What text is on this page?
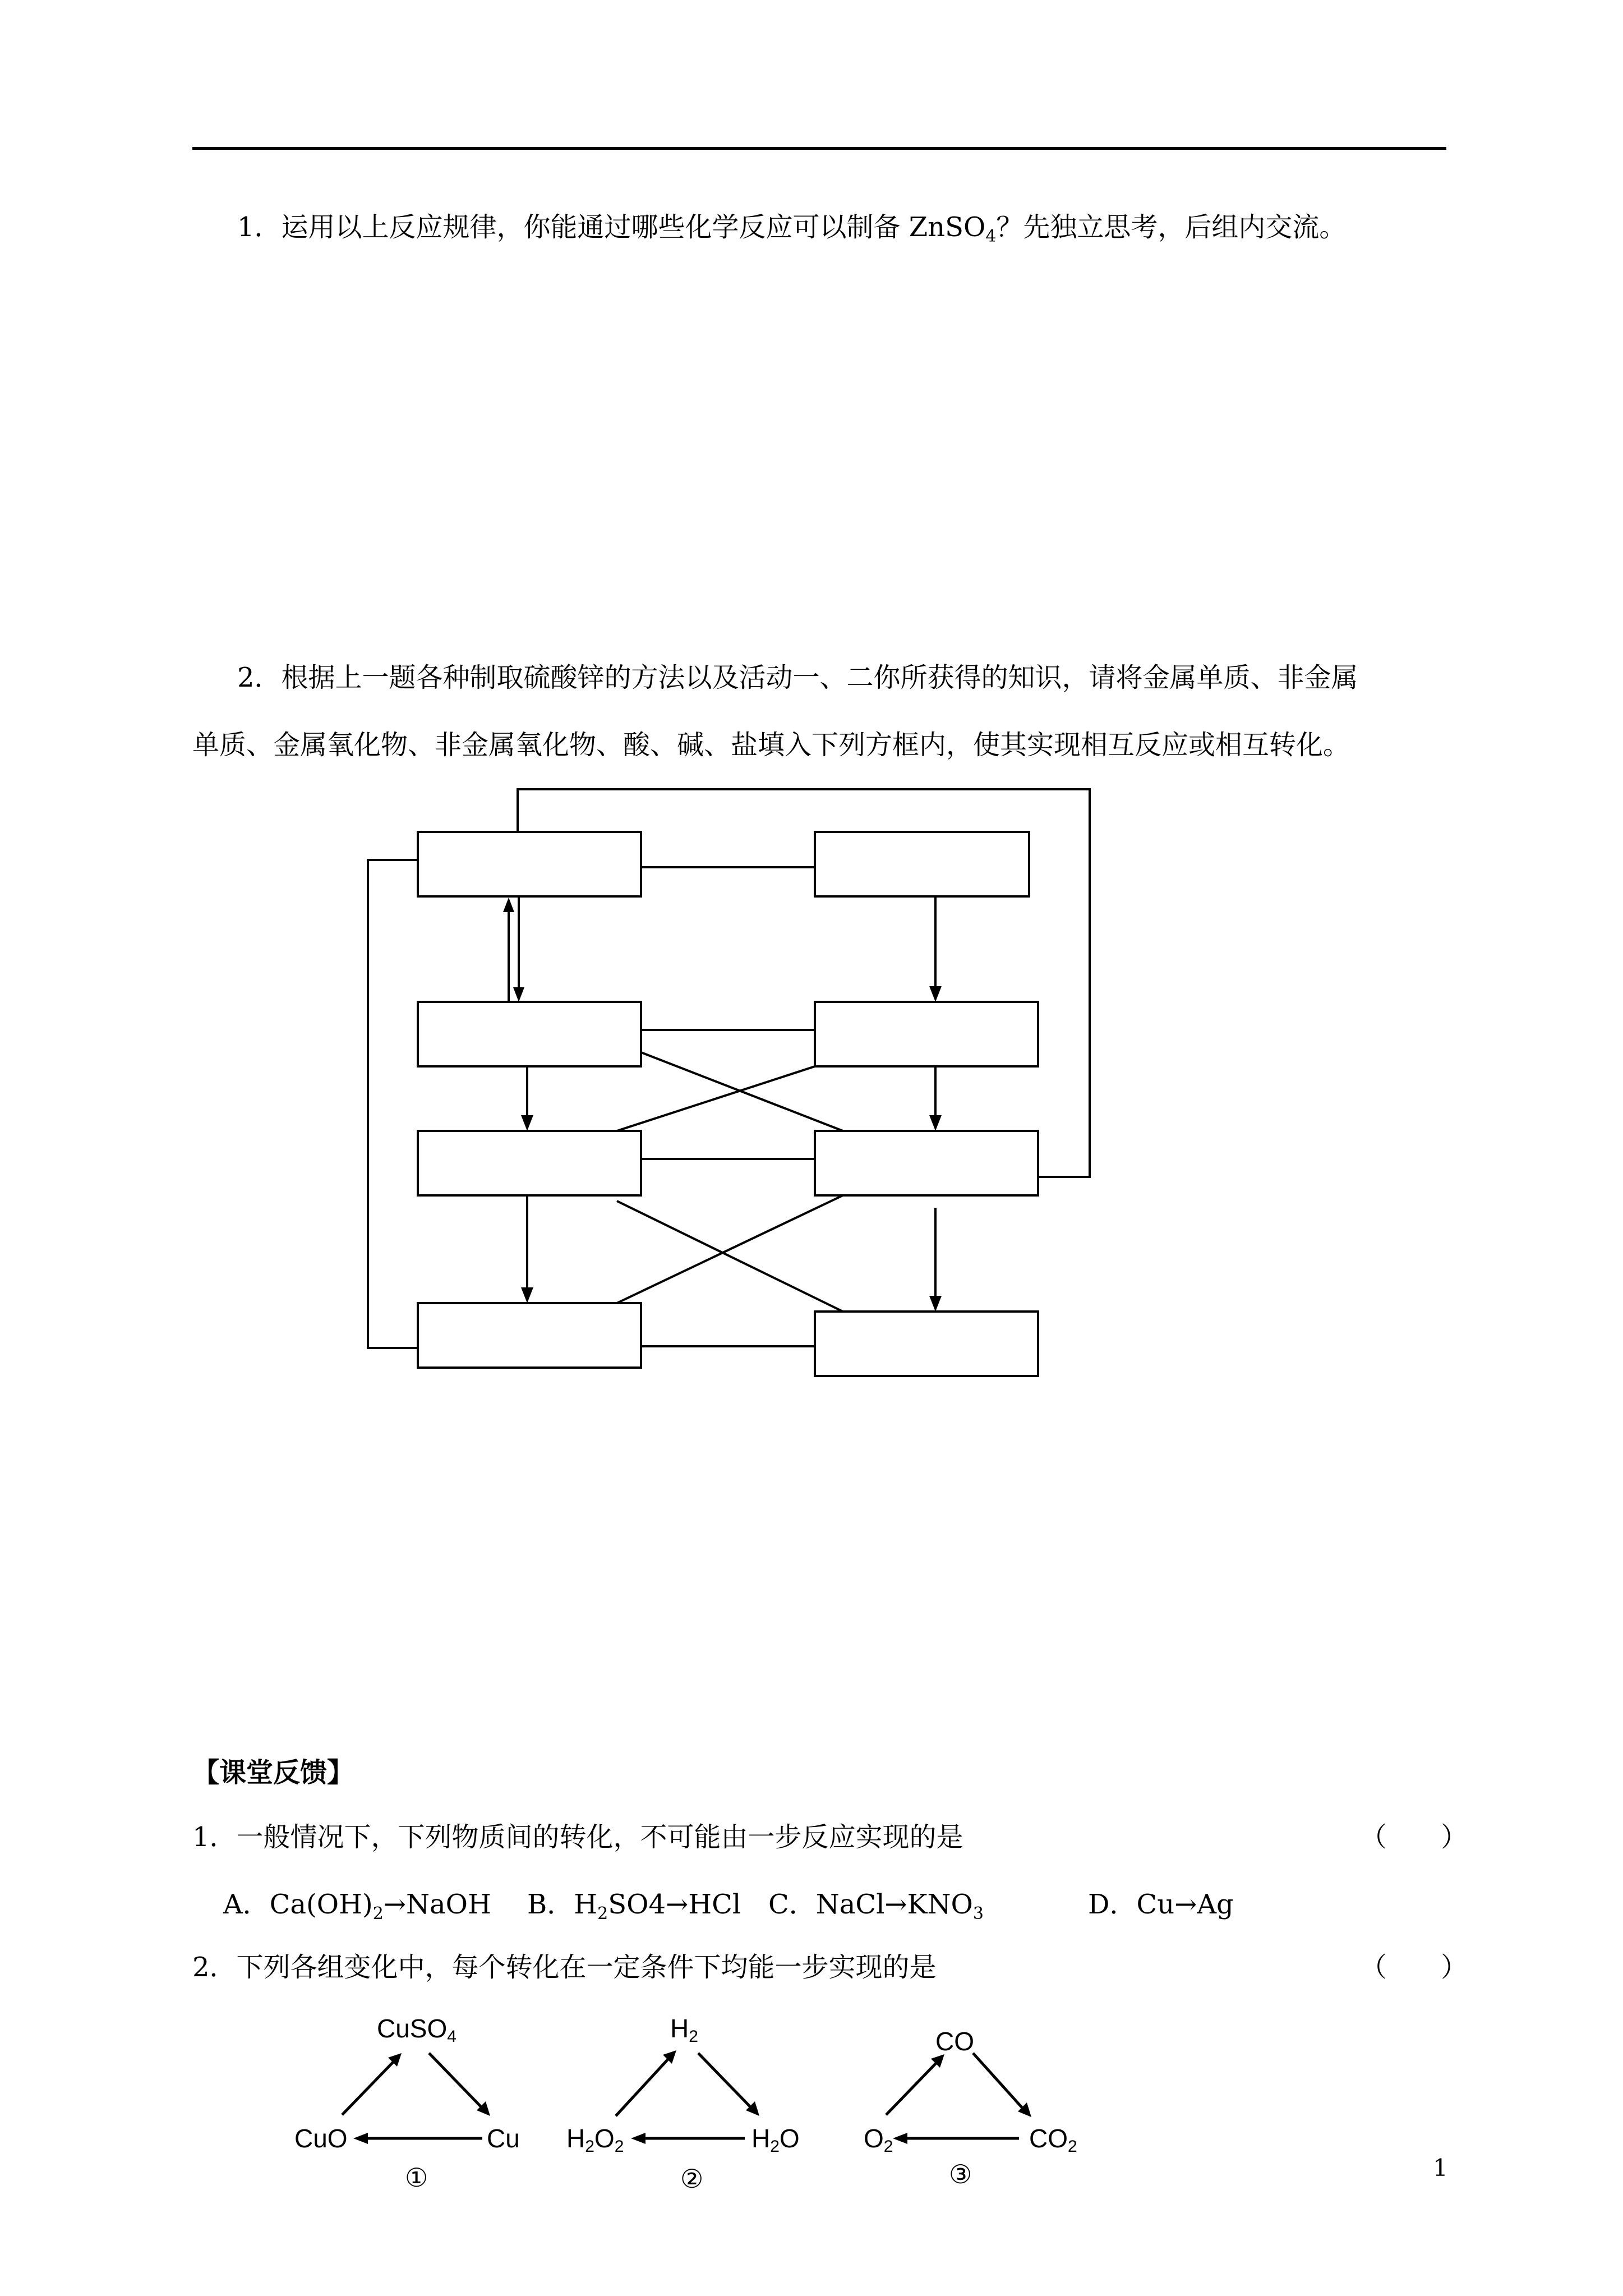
1．运用以上反应规律，你能通过哪些化学反应可以制备 ZnSO$_4$？先独立思考，后组内交流。
2．根据上一题各种制取硫酸锌的方法以及活动一、二你所获得的知识，请将金属单质、非金属
单质、金属氧化物、非金属氧化物、酸、碱、盐填入下列方框内，使其实现相互反应或相互转化。
【课堂反馈】
1．一般情况下，下列物质间的转化，不可能由一步反应实现的是	（　　）
A．$Ca(OH)_2\to NaOH$ B．$H_2SO4\to HCl$ C．$NaCl\to KNO_3$	D．Cu→Ag
2．下列各组变化中，每个转化在一定条件下均能一步实现的是	（　　）
CuSO4
CuO	Cu
①
H2
H2O2	H2O
②
CO
O2	CO2
③	1
